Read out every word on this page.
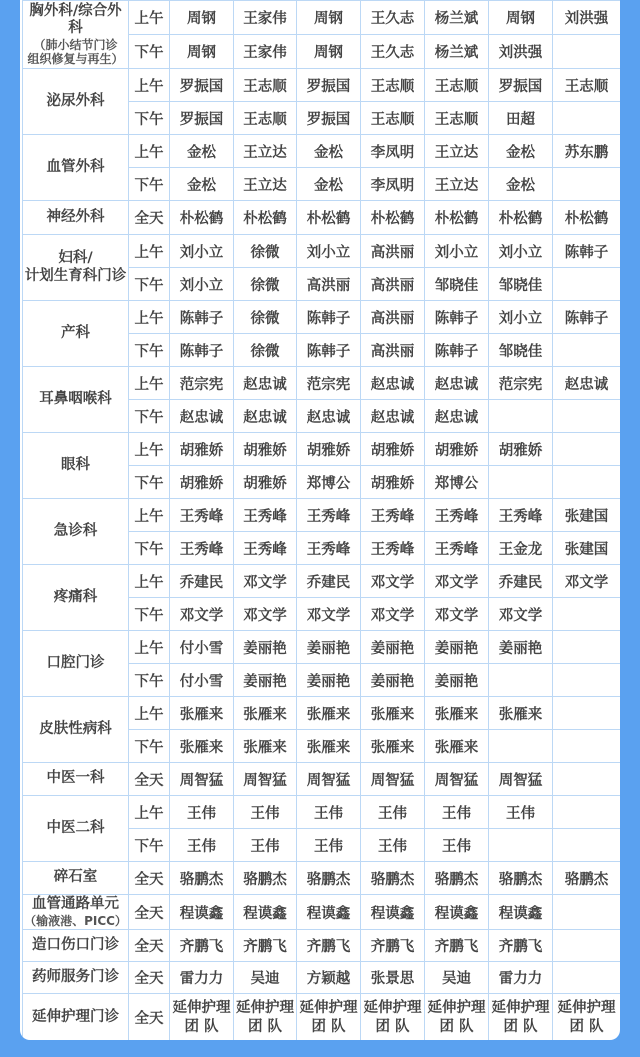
胸外科/综合外科
（肺小结节门诊
组织修复与再生）	上午	周钢	王家伟	周钢	王久志	杨兰斌	周钢	刘洪强
	下午	周钢	王家伟	周钢	王久志	杨兰斌	刘洪强	
泌尿外科	上午	罗振国	王志顺	罗振国	王志顺	王志顺	罗振国	王志顺
	下午	罗振国	王志顺	罗振国	王志顺	王志顺	田超	
血管外科	上午	金松	王立达	金松	李凤明	王立达	金松	苏东鹏
	下午	金松	王立达	金松	李凤明	王立达	金松	
神经外科	全天	朴松鹤	朴松鹤	朴松鹤	朴松鹤	朴松鹤	朴松鹤	朴松鹤
妇科/
计划生育科门诊	上午	刘小立	徐微	刘小立	高洪丽	刘小立	刘小立	陈韩子
	下午	刘小立	徐微	高洪丽	高洪丽	邹晓佳	邹晓佳	
产科	上午	陈韩子	徐微	陈韩子	高洪丽	陈韩子	刘小立	陈韩子
	下午	陈韩子	徐微	陈韩子	高洪丽	陈韩子	邹晓佳	
耳鼻咽喉科	上午	范宗宪	赵忠诚	范宗宪	赵忠诚	赵忠诚	范宗宪	赵忠诚
	下午	赵忠诚	赵忠诚	赵忠诚	赵忠诚	赵忠诚		
眼科	上午	胡雅娇	胡雅娇	胡雅娇	胡雅娇	胡雅娇	胡雅娇	
	下午	胡雅娇	胡雅娇	郑博公	胡雅娇	郑博公		
急诊科	上午	王秀峰	王秀峰	王秀峰	王秀峰	王秀峰	王秀峰	张建国
	下午	王秀峰	王秀峰	王秀峰	王秀峰	王秀峰	王金龙	张建国
疼痛科	上午	乔建民	邓文学	乔建民	邓文学	邓文学	乔建民	邓文学
	下午	邓文学	邓文学	邓文学	邓文学	邓文学	邓文学	
口腔门诊	上午	付小雪	姜丽艳	姜丽艳	姜丽艳	姜丽艳	姜丽艳	
	下午	付小雪	姜丽艳	姜丽艳	姜丽艳	姜丽艳		
皮肤性病科	上午	张雁来	张雁来	张雁来	张雁来	张雁来	张雁来	
	下午	张雁来	张雁来	张雁来	张雁来	张雁来		
中医一科	全天	周智猛	周智猛	周智猛	周智猛	周智猛	周智猛	
中医二科	上午	王伟	王伟	王伟	王伟	王伟	王伟	
	下午	王伟	王伟	王伟	王伟	王伟		
碎石室	全天	骆鹏杰	骆鹏杰	骆鹏杰	骆鹏杰	骆鹏杰	骆鹏杰	骆鹏杰
血管通路单元
（输液港、PICC）	全天	程谟鑫	程谟鑫	程谟鑫	程谟鑫	程谟鑫	程谟鑫	
造口伤口门诊	全天	齐鹏飞	齐鹏飞	齐鹏飞	齐鹏飞	齐鹏飞	齐鹏飞	
药师服务门诊	全天	雷力力	吴迪	方颖越	张景思	吴迪	雷力力	
延伸护理门诊	全天	延伸护理
团 队	延伸护理
团 队	延伸护理
团 队	延伸护理
团 队	延伸护理
团 队	延伸护理
团 队	延伸护理
团 队
